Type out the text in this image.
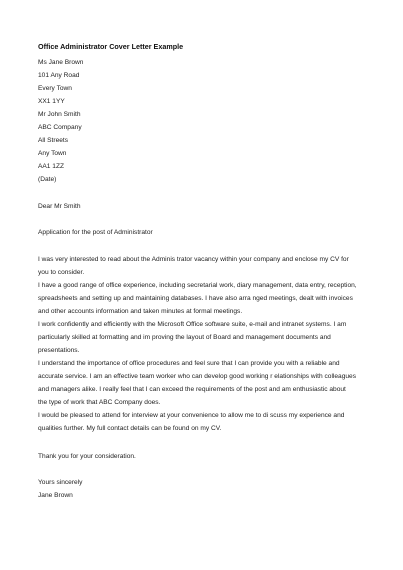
Office Administrator Cover Letter Example
Ms Jane Brown
101 Any Road
Every Town
XX1 1YY
Mr John Smith
ABC Company
All Streets
Any Town
AA1 1ZZ
(Date)
Dear Mr Smith
Application for the post of Administrator
I was very interested to read about the Adminis trator vacancy within your company and enclose my CV for
you to consider.
I have a good range of office experience, including secretarial work, diary management, data entry, reception,
spreadsheets and setting up and maintaining databases. I have also arra nged meetings, dealt with invoices
and other accounts information and taken minutes at formal meetings.
I work confidently and efficiently with the Microsoft Office software suite, e-mail and intranet systems. I am
particularly skilled at formatting and im proving the layout of Board and management documents and
presentations.
I understand the importance of office procedures and feel sure that I can provide you with a reliable and
accurate service. I am an effective team worker who can develop good working r elationships with colleagues
and managers alike. I really feel that I can exceed the requirements of the post and am enthusiastic about
the type of work that ABC Company does.
I would be pleased to attend for interview at your convenience to allow me to di scuss my experience and
qualities further. My full contact details can be found on my CV.
Thank you for your consideration.
Yours sincerely
Jane Brown
